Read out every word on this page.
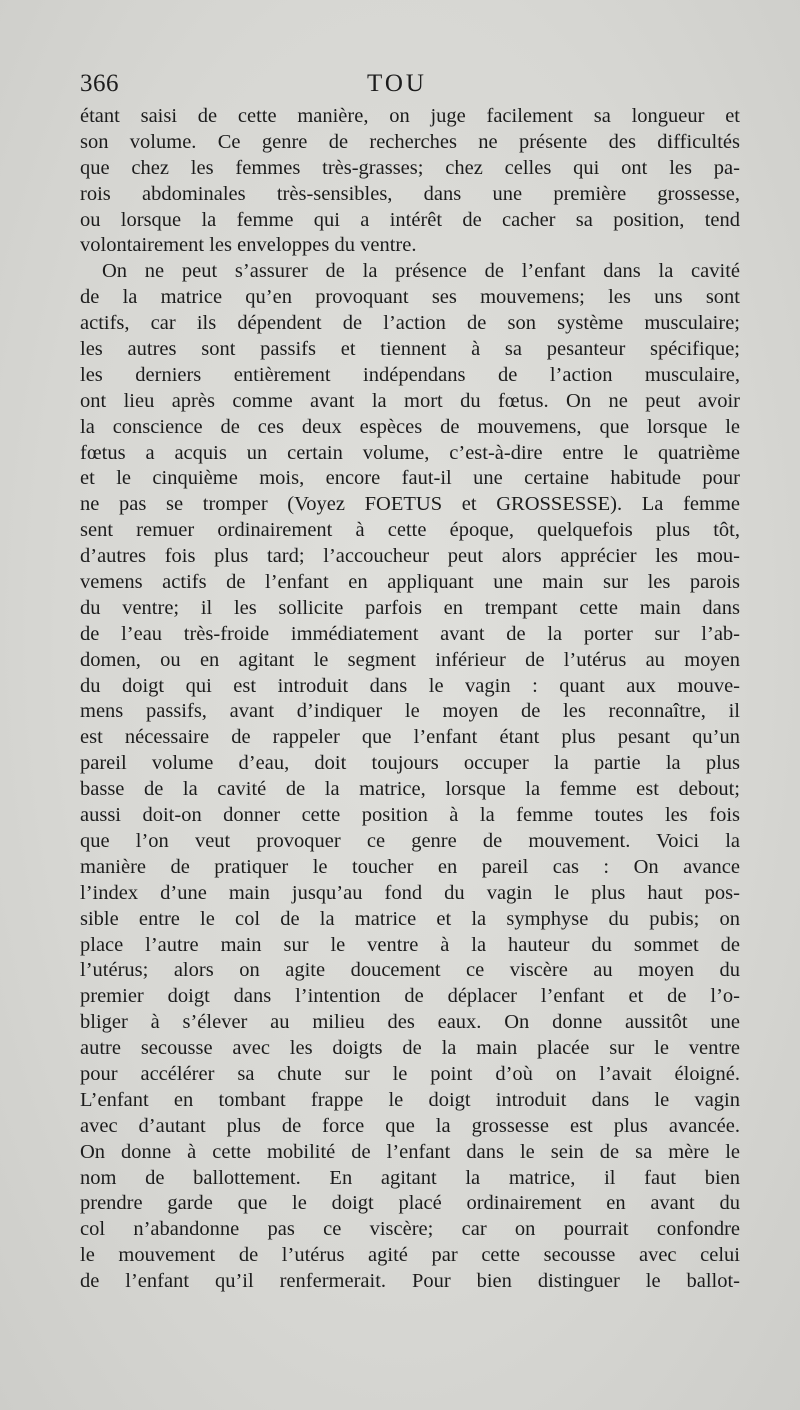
366	TOU
étant saisi de cette manière, on juge facilement sa longueur et
son volume. Ce genre de recherches ne présente des difficultés
que chez les femmes très-grasses; chez celles qui ont les pa-
rois abdominales très-sensibles, dans une première grossesse,
ou lorsque la femme qui a intérêt de cacher sa position, tend
volontairement les enveloppes du ventre.
On ne peut s’assurer de la présence de l’enfant dans la cavité
de la matrice qu’en provoquant ses mouvemens; les uns sont
actifs, car ils dépendent de l’action de son système musculaire;
les autres sont passifs et tiennent à sa pesanteur spécifique;
les derniers entièrement indépendans de l’action musculaire,
ont lieu après comme avant la mort du fœtus. On ne peut avoir
la conscience de ces deux espèces de mouvemens, que lorsque le
fœtus a acquis un certain volume, c’est-à-dire entre le quatrième
et le cinquième mois, encore faut-il une certaine habitude pour
ne pas se tromper (Voyez FOETUS et GROSSESSE). La femme
sent remuer ordinairement à cette époque, quelquefois plus tôt,
d’autres fois plus tard; l’accoucheur peut alors apprécier les mou-
vemens actifs de l’enfant en appliquant une main sur les parois
du ventre; il les sollicite parfois en trempant cette main dans
de l’eau très-froide immédiatement avant de la porter sur l’ab-
domen, ou en agitant le segment inférieur de l’utérus au moyen
du doigt qui est introduit dans le vagin : quant aux mouve-
mens passifs, avant d’indiquer le moyen de les reconnaître, il
est nécessaire de rappeler que l’enfant étant plus pesant qu’un
pareil volume d’eau, doit toujours occuper la partie la plus
basse de la cavité de la matrice, lorsque la femme est debout;
aussi doit-on donner cette position à la femme toutes les fois
que l’on veut provoquer ce genre de mouvement. Voici la
manière de pratiquer le toucher en pareil cas : On avance
l’index d’une main jusqu’au fond du vagin le plus haut pos-
sible entre le col de la matrice et la symphyse du pubis; on
place l’autre main sur le ventre à la hauteur du sommet de
l’utérus; alors on agite doucement ce viscère au moyen du
premier doigt dans l’intention de déplacer l’enfant et de l’o-
bliger à s’élever au milieu des eaux. On donne aussitôt une
autre secousse avec les doigts de la main placée sur le ventre
pour accélérer sa chute sur le point d’où on l’avait éloigné.
L’enfant en tombant frappe le doigt introduit dans le vagin
avec d’autant plus de force que la grossesse est plus avancée.
On donne à cette mobilité de l’enfant dans le sein de sa mère le
nom de ballottement. En agitant la matrice, il faut bien
prendre garde que le doigt placé ordinairement en avant du
col n’abandonne pas ce viscère; car on pourrait confondre
le mouvement de l’utérus agité par cette secousse avec celui
de l’enfant qu’il renfermerait. Pour bien distinguer le ballot-
